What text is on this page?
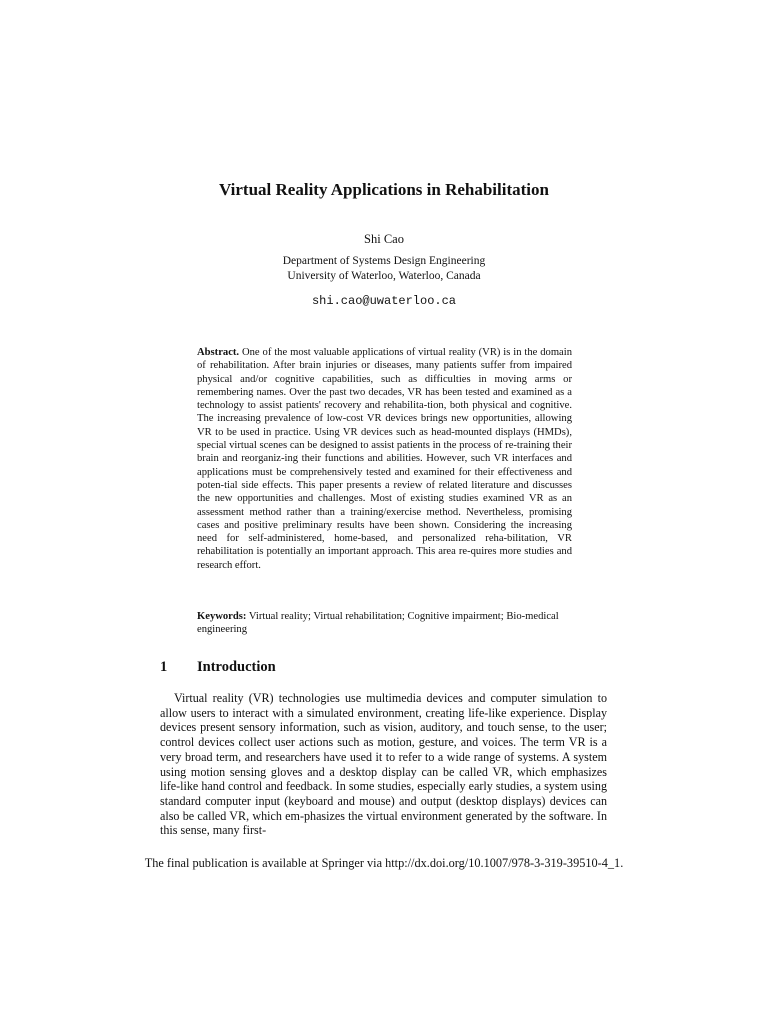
Virtual Reality Applications in Rehabilitation
Shi Cao
Department of Systems Design Engineering
University of Waterloo, Waterloo, Canada
shi.cao@uwaterloo.ca
Abstract. One of the most valuable applications of virtual reality (VR) is in the domain of rehabilitation. After brain injuries or diseases, many patients suffer from impaired physical and/or cognitive capabilities, such as difficulties in moving arms or remembering names. Over the past two decades, VR has been tested and examined as a technology to assist patients' recovery and rehabilita-tion, both physical and cognitive. The increasing prevalence of low-cost VR devices brings new opportunities, allowing VR to be used in practice. Using VR devices such as head-mounted displays (HMDs), special virtual scenes can be designed to assist patients in the process of re-training their brain and reorganiz-ing their functions and abilities. However, such VR interfaces and applications must be comprehensively tested and examined for their effectiveness and poten-tial side effects. This paper presents a review of related literature and discusses the new opportunities and challenges. Most of existing studies examined VR as an assessment method rather than a training/exercise method. Nevertheless, promising cases and positive preliminary results have been shown. Considering the increasing need for self-administered, home-based, and personalized reha-bilitation, VR rehabilitation is potentially an important approach. This area re-quires more studies and research effort.
Keywords: Virtual reality; Virtual rehabilitation; Cognitive impairment; Bio-medical engineering
1 Introduction
Virtual reality (VR) technologies use multimedia devices and computer simulation to allow users to interact with a simulated environment, creating life-like experience. Display devices present sensory information, such as vision, auditory, and touch sense, to the user; control devices collect user actions such as motion, gesture, and voices. The term VR is a very broad term, and researchers have used it to refer to a wide range of systems. A system using motion sensing gloves and a desktop display can be called VR, which emphasizes life-like hand control and feedback. In some studies, especially early studies, a system using standard computer input (keyboard and mouse) and output (desktop displays) devices can also be called VR, which em-phasizes the virtual environment generated by the software. In this sense, many first-
The final publication is available at Springer via http://dx.doi.org/10.1007/978-3-319-39510-4_1.
